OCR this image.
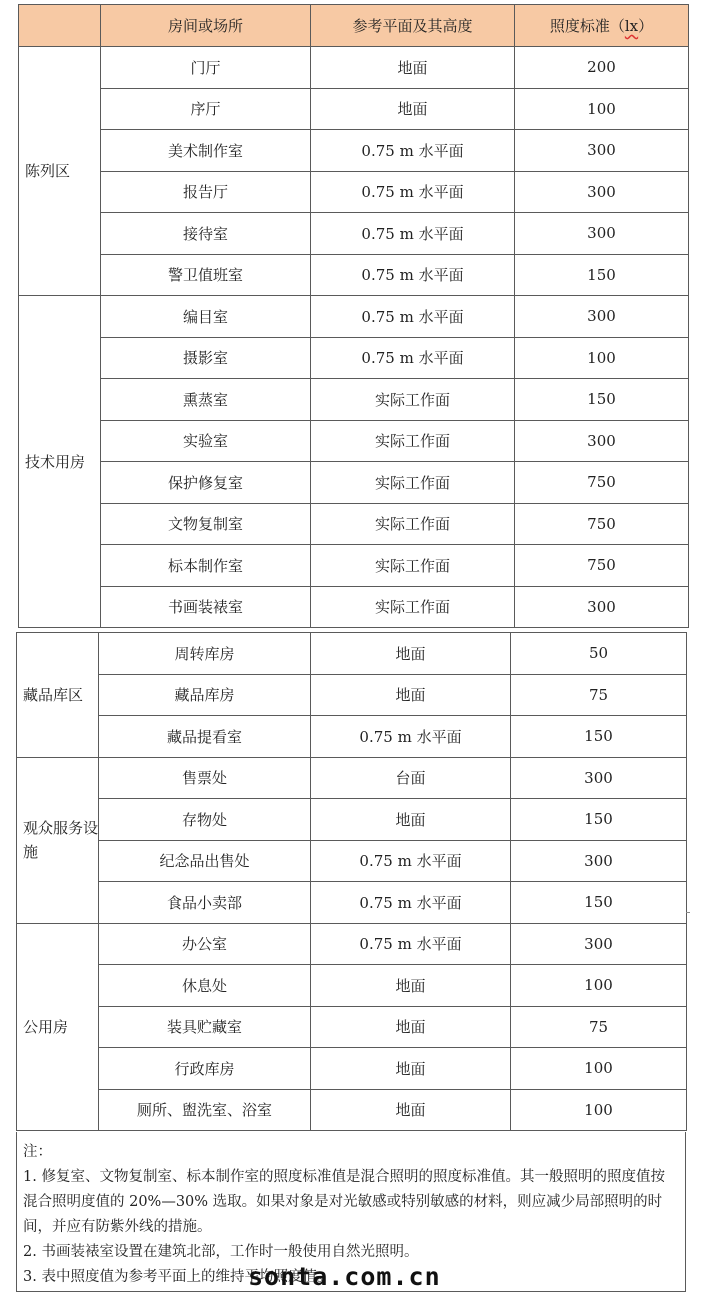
	房间或场所	参考平面及其高度	照度标准（lx）
陈列区	门厅	地面	200
	序厅	地面	100
	美术制作室	0.75 m 水平面	300
	报告厅	0.75 m 水平面	300
	接待室	0.75 m 水平面	300
	警卫值班室	0.75 m 水平面	150
技术用房	编目室	0.75 m 水平面	300
	摄影室	0.75 m 水平面	100
	熏蒸室	实际工作面	150
	实验室	实际工作面	300
	保护修复室	实际工作面	750
	文物复制室	实际工作面	750
	标本制作室	实际工作面	750
	书画装裱室	实际工作面	300
藏品库区	周转库房	地面	50
	藏品库房	地面	75
	藏品提看室	0.75 m 水平面	150
观众服务设施	售票处	台面	300
	存物处	地面	150
	纪念品出售处	0.75 m 水平面	300
	食品小卖部	0.75 m 水平面	150
公用房	办公室	0.75 m 水平面	300
	休息处	地面	100
	装具贮藏室	地面	75
	行政库房	地面	100
	厕所、盥洗室、浴室	地面	100

注：

1. 修复室、文物复制室、标本制作室的照度标准值是混合照明的照度标准值。其一般照明的照度值按混合照明度值的 20%—30% 选取。如果对象是对光敏感或特别敏感的材料，则应减少局部照明的时间，并应有防紫外线的措施。

2. 书画装裱室设置在建筑北部，工作时一般使用自然光照明。

3. 表中照度值为参考平面上的维持平均照度值。

sonta.com.cn
